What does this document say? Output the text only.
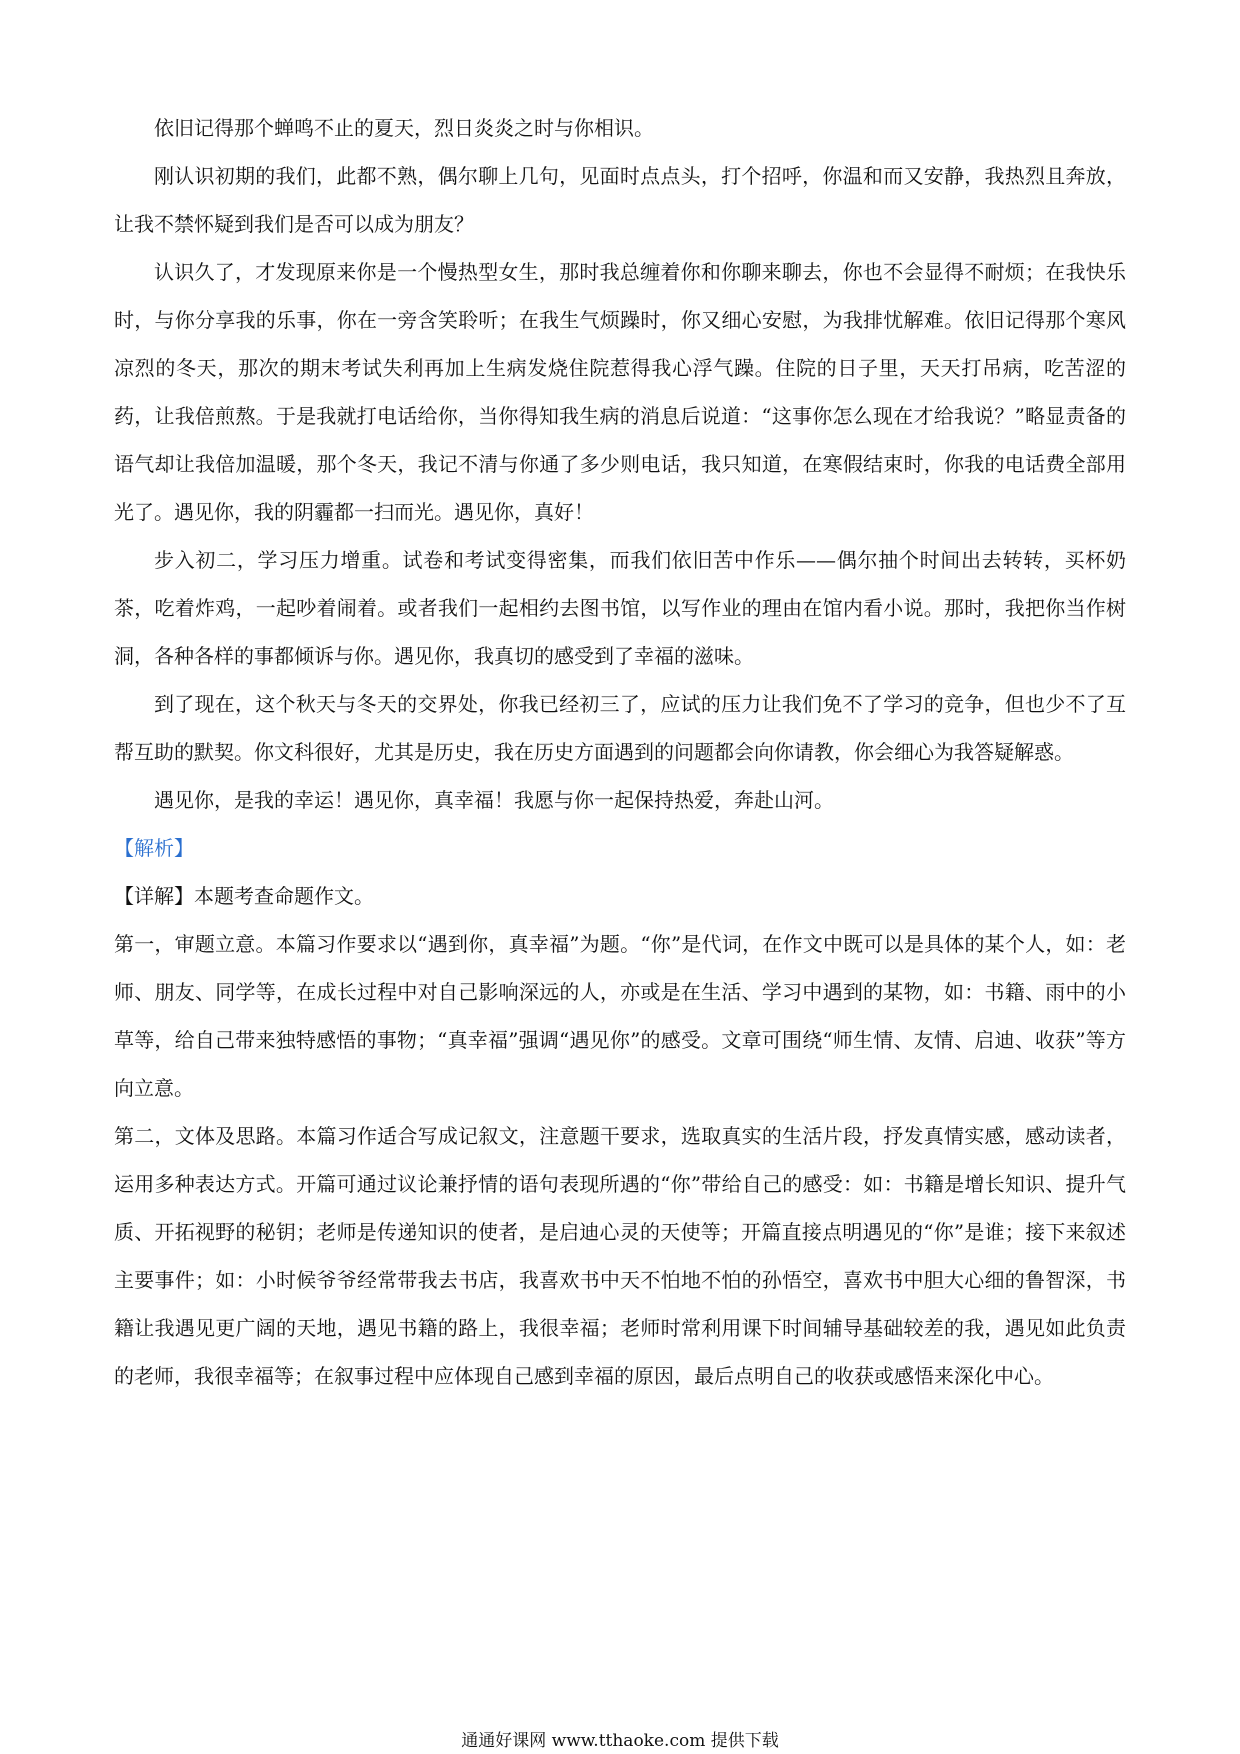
依旧记得那个蝉鸣不止的夏天，烈日炎炎之时与你相识。

刚认识初期的我们，此都不熟，偶尔聊上几句，见面时点点头，打个招呼，你温和而又安静，我热烈且奔放，让我不禁怀疑到我们是否可以成为朋友？

认识久了，才发现原来你是一个慢热型女生，那时我总缠着你和你聊来聊去，你也不会显得不耐烦；在我快乐时，与你分享我的乐事，你在一旁含笑聆听；在我生气烦躁时，你又细心安慰，为我排忧解难。依旧记得那个寒风凉烈的冬天，那次的期末考试失利再加上生病发烧住院惹得我心浮气躁。住院的日子里，天天打吊病，吃苦涩的药，让我倍煎熬。于是我就打电话给你，当你得知我生病的消息后说道：“这事你怎么现在才给我说？”略显责备的语气却让我倍加温暖，那个冬天，我记不清与你通了多少则电话，我只知道，在寒假结束时，你我的电话费全部用光了。遇见你，我的阴霾都一扫而光。遇见你，真好！

步入初二，学习压力增重。试卷和考试变得密集，而我们依旧苦中作乐——偶尔抽个时间出去转转，买杯奶茶，吃着炸鸡，一起吵着闹着。或者我们一起相约去图书馆，以写作业的理由在馆内看小说。那时，我把你当作树洞，各种各样的事都倾诉与你。遇见你，我真切的感受到了幸福的滋味。

到了现在，这个秋天与冬天的交界处，你我已经初三了，应试的压力让我们免不了学习的竞争，但也少不了互帮互助的默契。你文科很好，尤其是历史，我在历史方面遇到的问题都会向你请教，你会细心为我答疑解惑。

遇见你，是我的幸运！遇见你，真幸福！我愿与你一起保持热爱，奔赴山河。

【解析】

【详解】本题考查命题作文。

第一，审题立意。本篇习作要求以“遇到你，真幸福”为题。“你”是代词，在作文中既可以是具体的某个人，如：老师、朋友、同学等，在成长过程中对自己影响深远的人，亦或是在生活、学习中遇到的某物，如：书籍、雨中的小草等，给自己带来独特感悟的事物；“真幸福”强调“遇见你”的感受。文章可围绕“师生情、友情、启迪、收获”等方向立意。

第二，文体及思路。本篇习作适合写成记叙文，注意题干要求，选取真实的生活片段，抒发真情实感，感动读者，运用多种表达方式。开篇可通过议论兼抒情的语句表现所遇的“你”带给自己的感受：如：书籍是增长知识、提升气质、开拓视野的秘钥；老师是传递知识的使者，是启迪心灵的天使等；开篇直接点明遇见的“你”是谁；接下来叙述主要事件；如：小时候爷爷经常带我去书店，我喜欢书中天不怕地不怕的孙悟空，喜欢书中胆大心细的鲁智深，书籍让我遇见更广阔的天地，遇见书籍的路上，我很幸福；老师时常利用课下时间辅导基础较差的我，遇见如此负责的老师，我很幸福等；在叙事过程中应体现自己感到幸福的原因，最后点明自己的收获或感悟来深化中心。

通通好课网 www.tthaoke.com 提供下载
